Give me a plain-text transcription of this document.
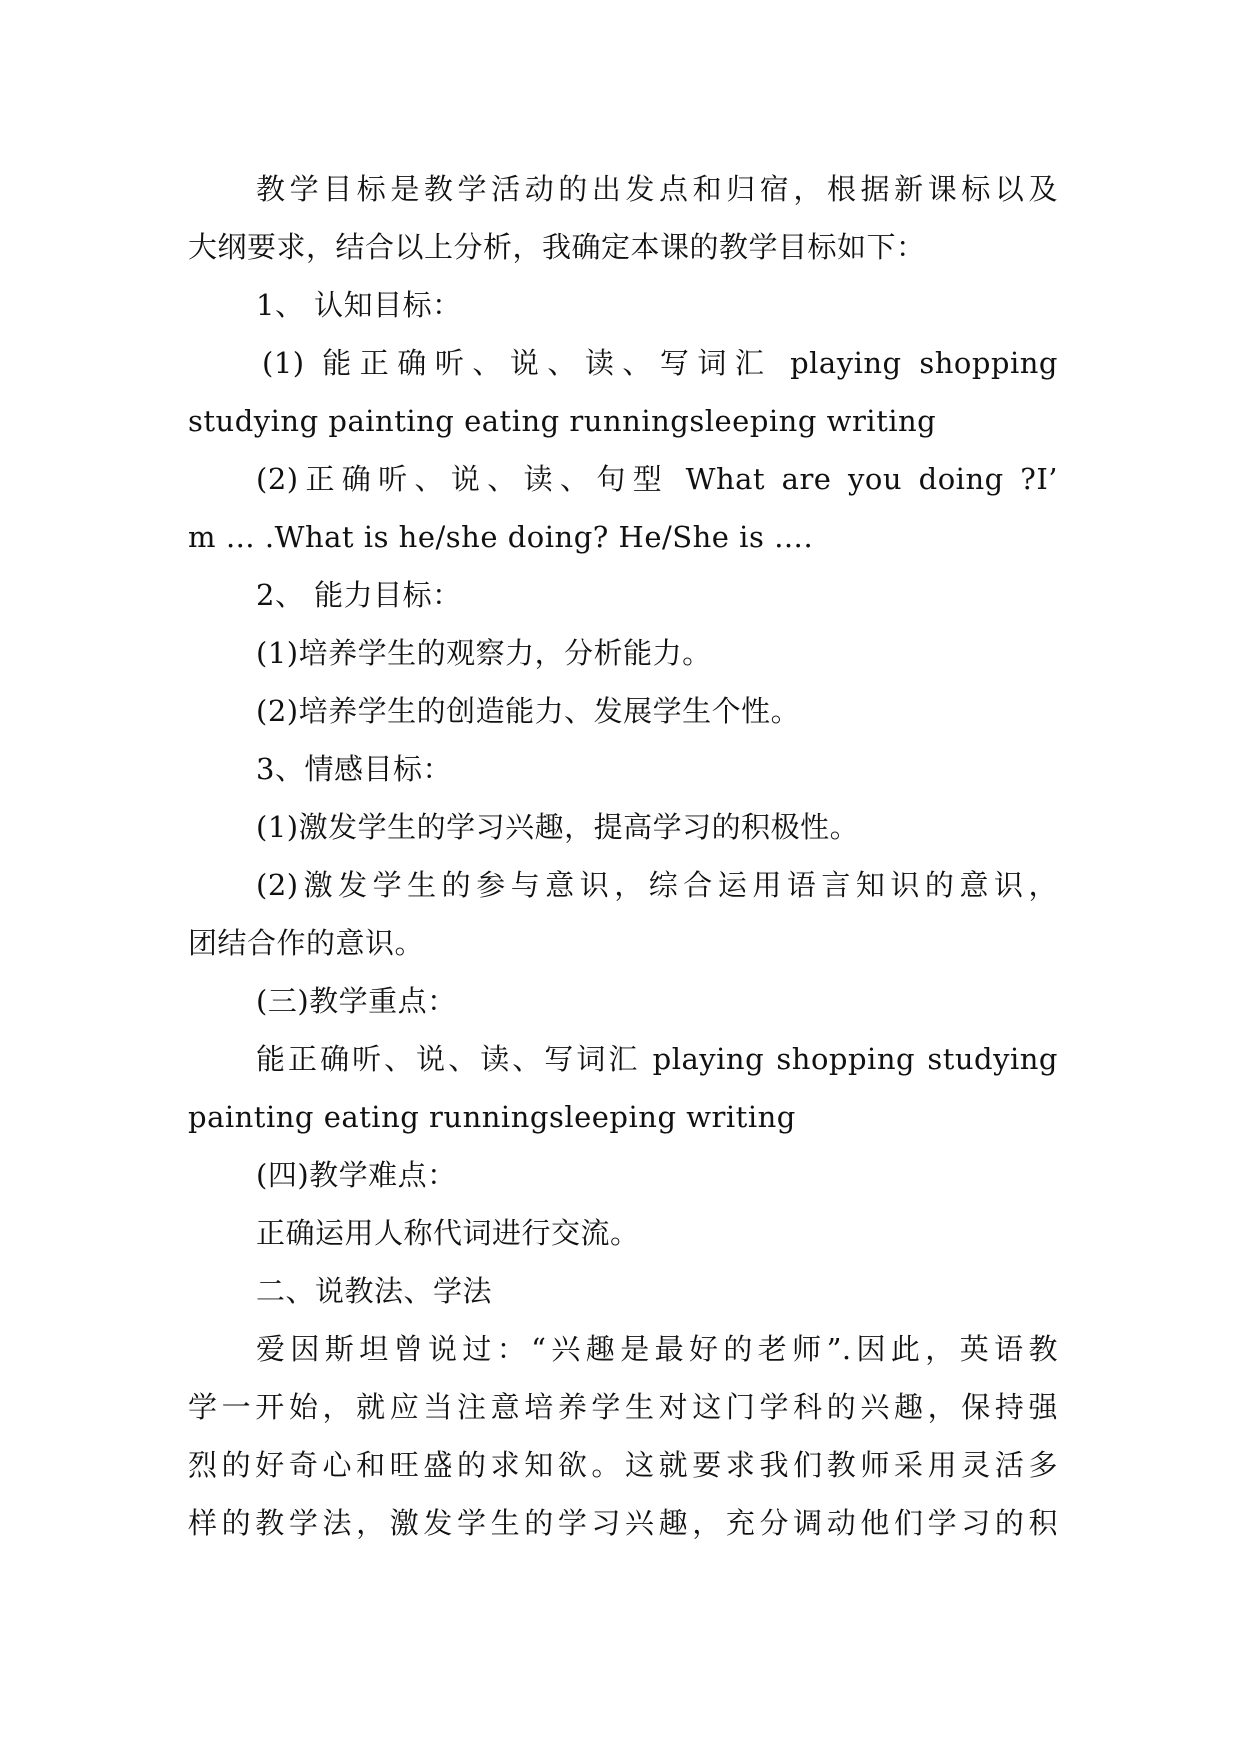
教学目标是教学活动的出发点和归宿，根据新课标以及
大纲要求，结合以上分析，我确定本课的教学目标如下：
1、 认知目标：
(1) 能正确听、说、读、写词汇 playing shopping
studying painting eating runningsleeping writing
(2)正确听、说、读、句型 What are you doing ?I’
m … .What is he/she doing? He/She is ….
2、 能力目标：
(1)培养学生的观察力，分析能力。
(2)培养学生的创造能力、发展学生个性。
3、情感目标：
(1)激发学生的学习兴趣，提高学习的积极性。
(2)激发学生的参与意识，综合运用语言知识的意识，
团结合作的意识。
(三)教学重点：
能正确听、说、读、写词汇 playing shopping studying
painting eating runningsleeping writing
(四)教学难点：
正确运用人称代词进行交流。
二、说教法、学法
爱因斯坦曾说过：“兴趣是最好的老师”.因此，英语教
学一开始，就应当注意培养学生对这门学科的兴趣，保持强
烈的好奇心和旺盛的求知欲。这就要求我们教师采用灵活多
样的教学法，激发学生的学习兴趣，充分调动他们学习的积
